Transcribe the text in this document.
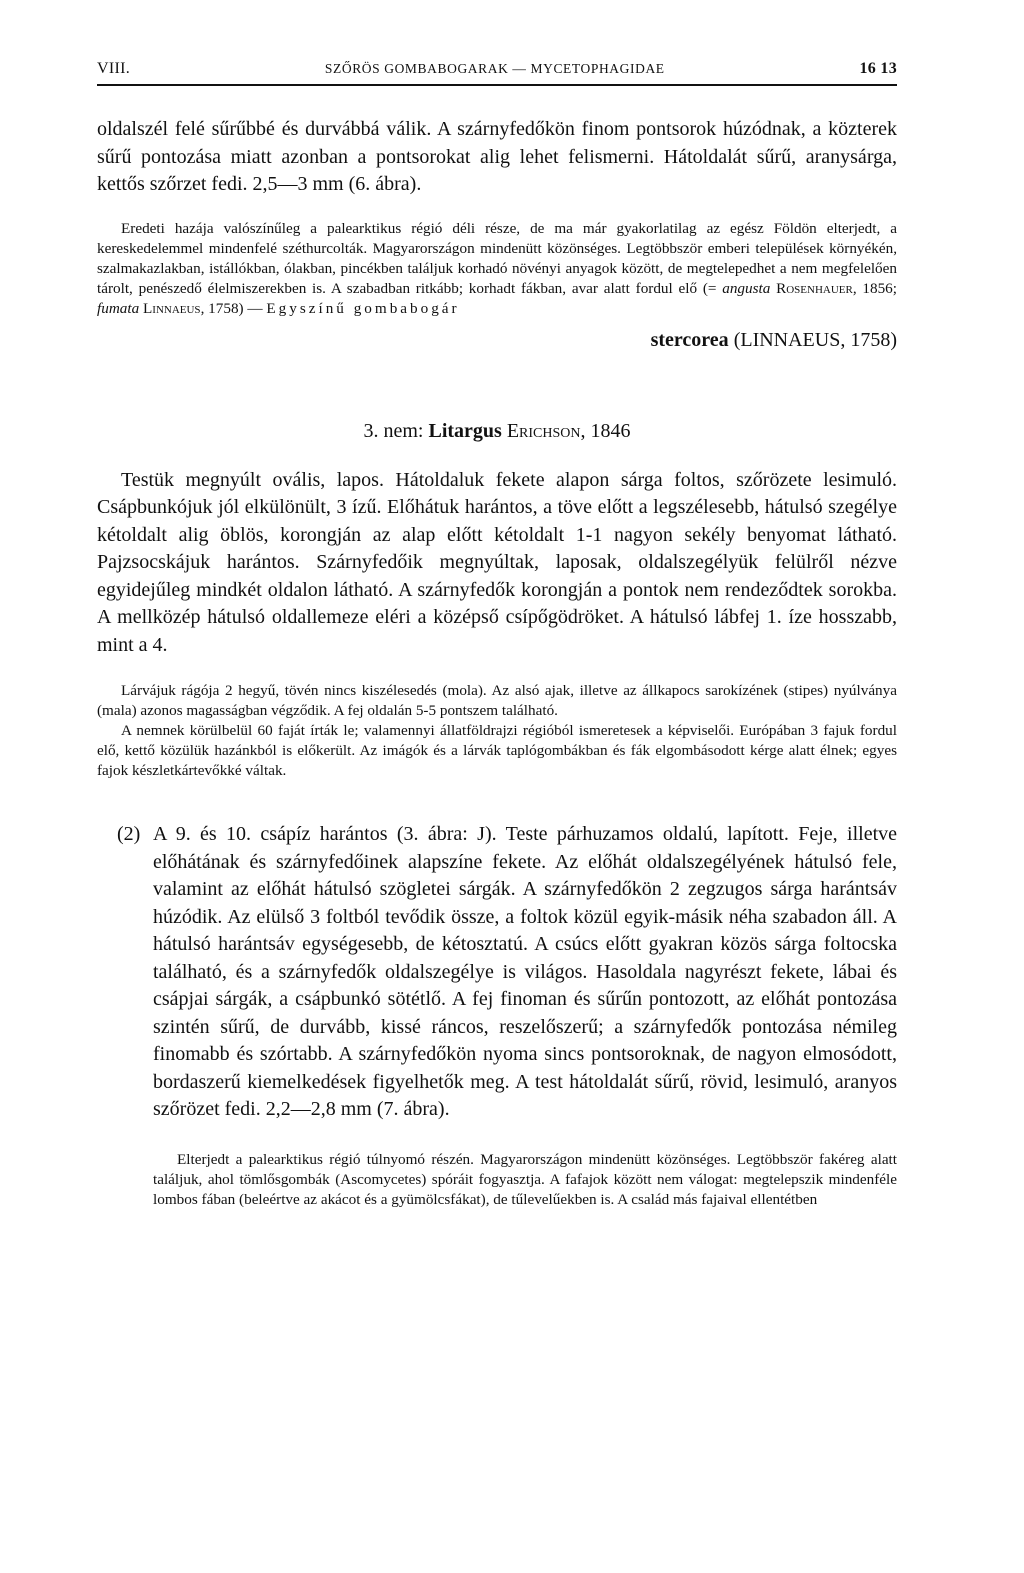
VIII.	SZŐRÖS GOMBABOGARAK — MYCETOPHAGIDAE	16 13

oldalszél felé sűrűbbé és durvábbá válik. A szárnyfedőkön finom pontsorok húzódnak, a közterek sűrű pontozása miatt azonban a pontsorokat alig lehet felismerni. Hátoldalát sűrű, aranysárga, kettős szőrzet fedi. 2,5—3 mm (6. ábra).

Eredeti hazája valószínűleg a palearktikus régió déli része, de ma már gyakorlatilag az egész Földön elterjedt, a kereskedelemmel mindenfelé széthurcolták. Magyarországon mindenütt közönséges. Legtöbbször emberi települések környékén, szalmakazlakban, istállókban, ólakban, pincékben találjuk korhadó növényi anyagok között, de megtelepedhet a nem megfelelően tárolt, penészedő élelmiszerekben is. A szabadban ritkább; korhadt fákban, avar alatt fordul elő (= angusta Rosenhauer, 1856; fumata Linnaeus, 1758) — Egyszínű gombabogár

stercorea (LINNAEUS, 1758)

3. nem: Litargus Erichson, 1846

Testük megnyúlt ovális, lapos. Hátoldaluk fekete alapon sárga foltos, szőrözete lesimuló. Csápbunkójuk jól elkülönült, 3 ízű. Előhátuk harántos, a töve előtt a legszélesebb, hátulsó szegélye kétoldalt alig öblös, korongján az alap előtt kétoldalt 1-1 nagyon sekély benyomat látható. Pajzsocskájuk harántos. Szárnyfedőik megnyúltak, laposak, oldalszegélyük felülről nézve egyidejűleg mindkét oldalon látható. A szárnyfedők korongján a pontok nem rendeződtek sorokba. A mellközép hátulsó oldallemeze eléri a középső csípőgödröket. A hátulsó lábfej 1. íze hosszabb, mint a 4.

Lárvájuk rágója 2 hegyű, tövén nincs kiszélesedés (mola). Az alsó ajak, illetve az állkapocs sarokízének (stipes) nyúlványa (mala) azonos magasságban végződik. A fej oldalán 5-5 pontszem található.

A nemnek körülbelül 60 faját írták le; valamennyi állatföldrajzi régióból ismeretesek a képviselői. Európában 3 fajuk fordul elő, kettő közülük hazánkból is előkerült. Az imágók és a lárvák taplógombákban és fák elgombásodott kérge alatt élnek; egyes fajok készletkártevőkké váltak.

(2) A 9. és 10. csápíz harántos (3. ábra: J). Teste párhuzamos oldalú, lapított. Feje, illetve előhátának és szárnyfedőinek alapszíne fekete. Az előhát oldalszegélyének hátulsó fele, valamint az előhát hátulsó szögletei sárgák. A szárnyfedőkön 2 zegzugos sárga harántsáv húzódik. Az elülső 3 foltból tevődik össze, a foltok közül egyik-másik néha szabadon áll. A hátulsó harántsáv egységesebb, de kétosztatú. A csúcs előtt gyakran közös sárga foltocska található, és a szárnyfedők oldalszegélye is világos. Hasoldala nagyrészt fekete, lábai és csápjai sárgák, a csápbunkó sötétlő. A fej finoman és sűrűn pontozott, az előhát pontozása szintén sűrű, de durvább, kissé ráncos, reszelőszerű; a szárnyfedők pontozása némileg finomabb és szórtabb. A szárnyfedőkön nyoma sincs pontsoroknak, de nagyon elmosódott, bordaszerű kiemelkedések figyelhetők meg. A test hátoldalát sűrű, rövid, lesimuló, aranyos szőrözet fedi. 2,2—2,8 mm (7. ábra).

Elterjedt a palearktikus régió túlnyomó részén. Magyarországon mindenütt közönséges. Legtöbbször fakéreg alatt találjuk, ahol tömlősgombák (Ascomycetes) spóráit fogyasztja. A fafajok között nem válogat: megtelepszik mindenféle lombos fában (beleértve az akácot és a gyümölcsfákat), de tűlevelűekben is. A család más fajaival ellentétben
